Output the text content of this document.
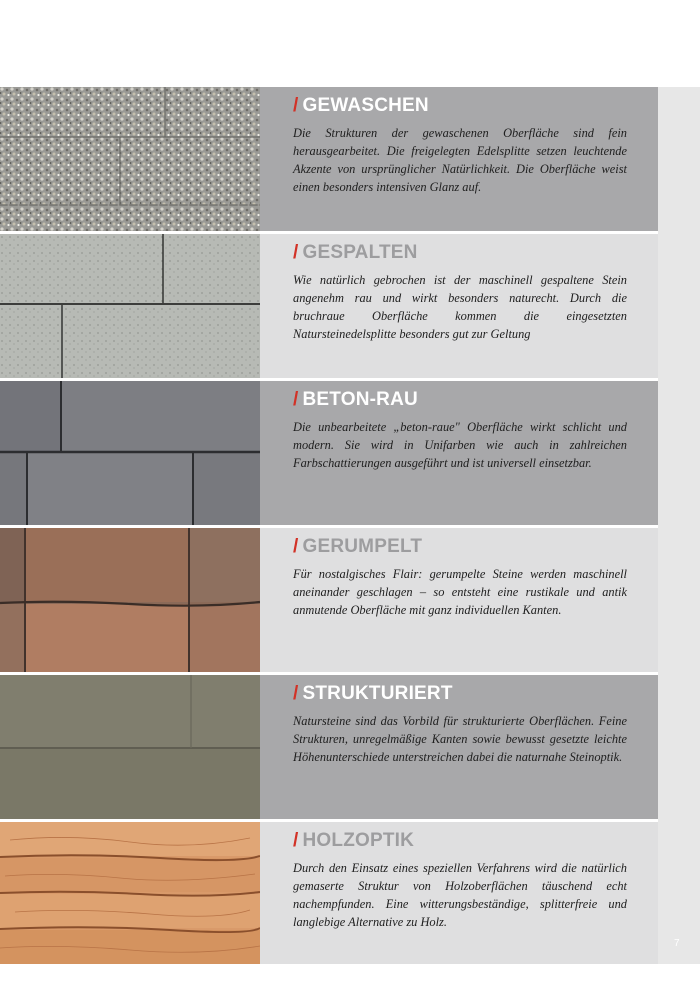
/ GEWASCHEN

Die Strukturen der gewaschenen Oberfläche sind fein herausgearbeitet. Die freigelegten Edelsplitte setzen leuchtende Akzente von ursprünglicher Natürlichkeit. Die Oberfläche weist einen besonders intensiven Glanz auf.

/ GESPALTEN

Wie natürlich gebrochen ist der maschinell gespaltene Stein angenehm rau und wirkt besonders naturecht. Durch die bruchraue Oberfläche kommen die eingesetzten Natursteinedelsplitte besonders gut zur Geltung

/ BETON-RAU

Die unbearbeitete „beton-raue" Oberfläche wirkt schlicht und modern. Sie wird in Unifarben wie auch in zahlreichen Farbschattierungen ausgeführt und ist universell einsetzbar.

/ GERUMPELT

Für nostalgisches Flair: gerumpelte Steine werden maschinell aneinander geschlagen – so entsteht eine rustikale und antik anmutende Oberfläche mit ganz individuellen Kanten.

/ STRUKTURIERT

Natursteine sind das Vorbild für strukturierte Oberflächen. Feine Strukturen, unregelmäßige Kanten sowie bewusst gesetzte leichte Höhenunterschiede unterstreichen dabei die naturnahe Steinoptik.

/ HOLZOPTIK

Durch den Einsatz eines speziellen Verfahrens wird die natürlich gemaserte Struktur von Holzoberflächen täuschend echt nachempfunden. Eine witterungsbeständige, splitterfreie und langlebige Alternative zu Holz.

7
